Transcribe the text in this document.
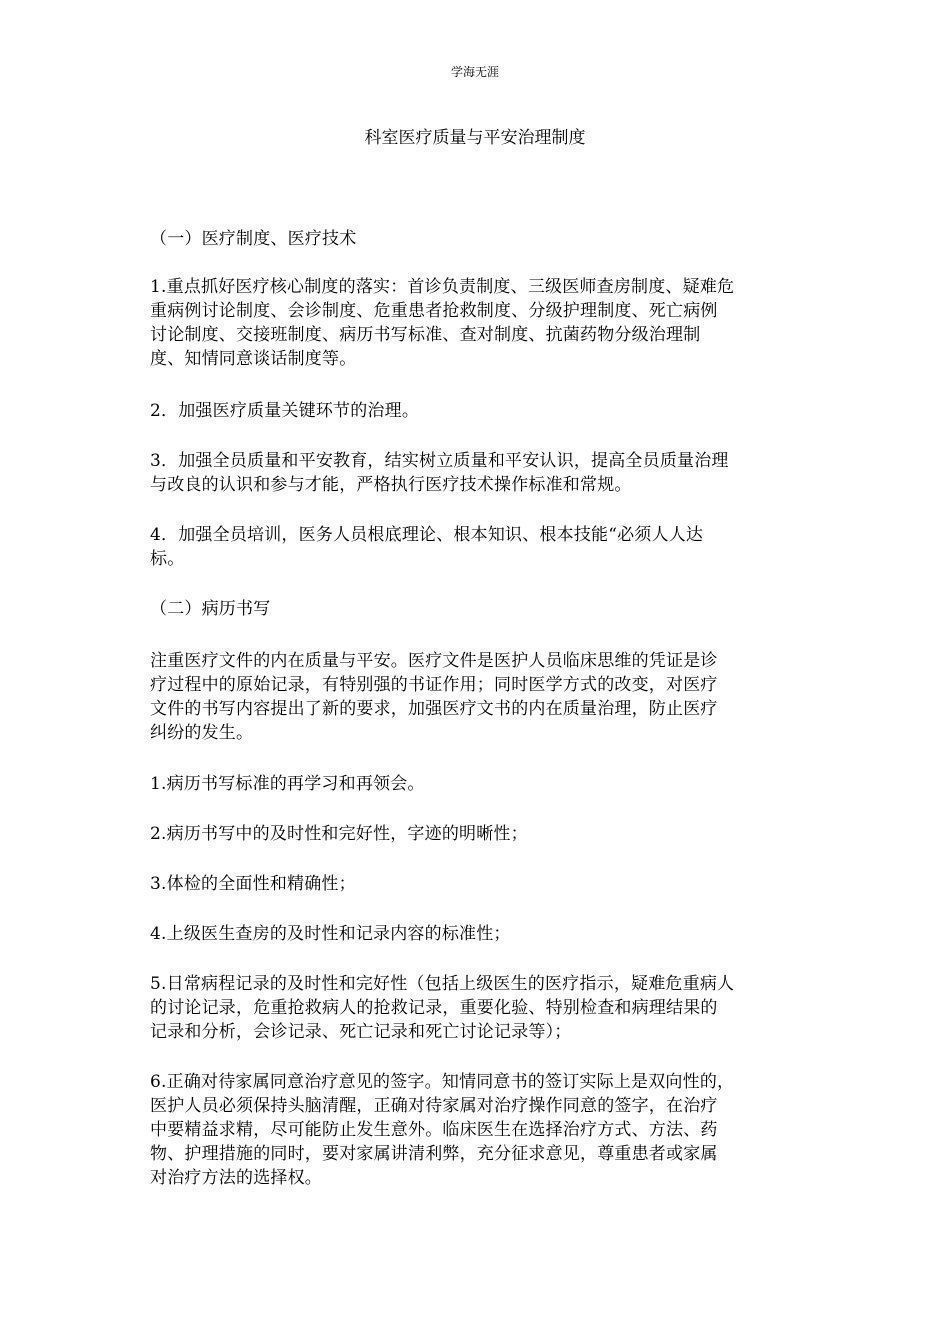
学海无涯
科室医疗质量与平安治理制度
（一）医疗制度、医疗技术
1.重点抓好医疗核心制度的落实：首诊负责制度、三级医师查房制度、疑难危
重病例讨论制度、会诊制度、危重患者抢救制度、分级护理制度、死亡病例
讨论制度、交接班制度、病历书写标准、查对制度、抗菌药物分级治理制
度、知情同意谈话制度等。
2．加强医疗质量关键环节的治理。
3．加强全员质量和平安教育，结实树立质量和平安认识，提高全员质量治理
与改良的认识和参与才能，严格执行医疗技术操作标准和常规。
4．加强全员培训，医务人员根底理论、根本知识、根本技能“必须人人达
标。
（二）病历书写
注重医疗文件的内在质量与平安。医疗文件是医护人员临床思维的凭证是诊
疗过程中的原始记录，有特别强的书证作用；同时医学方式的改变，对医疗
文件的书写内容提出了新的要求，加强医疗文书的内在质量治理，防止医疗
纠纷的发生。
1.病历书写标准的再学习和再领会。
2.病历书写中的及时性和完好性，字迹的明晰性；
3.体检的全面性和精确性；
4.上级医生查房的及时性和记录内容的标准性；
5.日常病程记录的及时性和完好性（包括上级医生的医疗指示，疑难危重病人
的讨论记录，危重抢救病人的抢救记录，重要化验、特别检查和病理结果的
记录和分析，会诊记录、死亡记录和死亡讨论记录等）；
6.正确对待家属同意治疗意见的签字。知情同意书的签订实际上是双向性的，
医护人员必须保持头脑清醒，正确对待家属对治疗操作同意的签字，在治疗
中要精益求精，尽可能防止发生意外。临床医生在选择治疗方式、方法、药
物、护理措施的同时，要对家属讲清利弊，充分征求意见，尊重患者或家属
对治疗方法的选择权。
